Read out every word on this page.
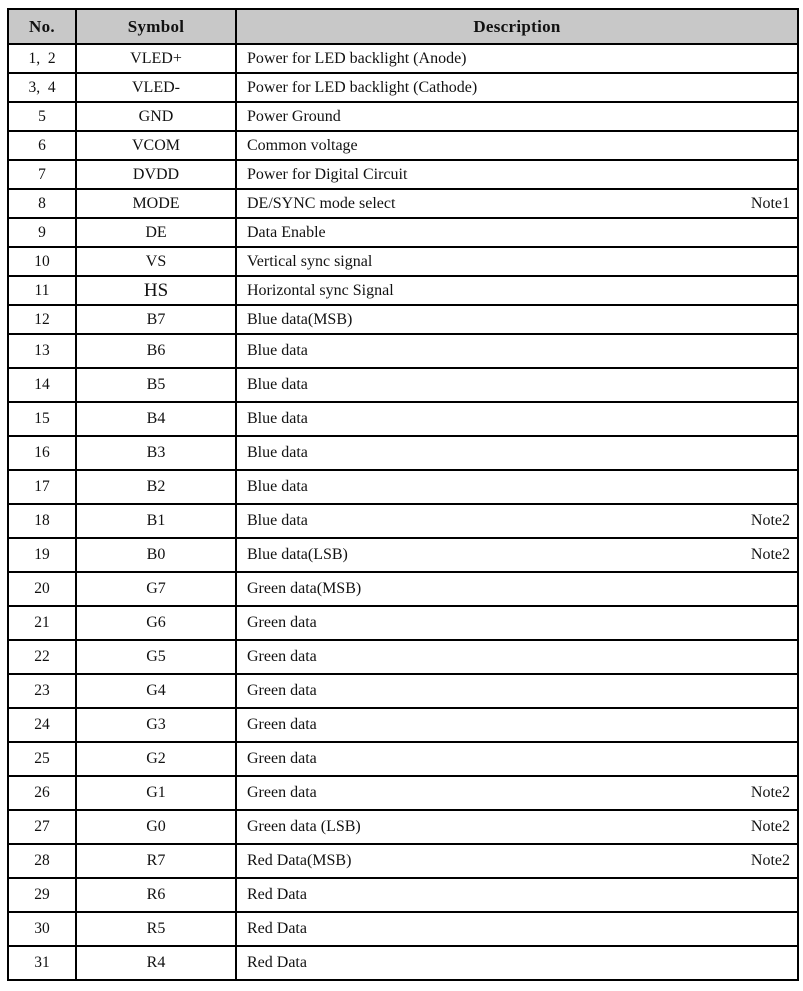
No.	Symbol	Description
1,  2	VLED+	Power for LED backlight (Anode)

3,  4	VLED-	Power for LED backlight (Cathode)

5	GND	Power Ground

6	VCOM	Common voltage

7	DVDD	Power for Digital Circuit

8	MODE	DE/SYNC mode select Note1

9	DE	Data Enable

10	VS	Vertical sync signal

11	HS	Horizontal sync Signal

12	B7	Blue data(MSB)

13	B6	Blue data

14	B5	Blue data

15	B4	Blue data

16	B3	Blue data

17	B2	Blue data

18	B1	Blue data Note2

19	B0	Blue data(LSB) Note2

20	G7	Green data(MSB)

21	G6	Green data

22	G5	Green data

23	G4	Green data

24	G3	Green data

25	G2	Green data

26	G1	Green data Note2

27	G0	Green data (LSB) Note2

28	R7	Red Data(MSB) Note2

29	R6	Red Data

30	R5	Red Data

31	R4	Red Data
